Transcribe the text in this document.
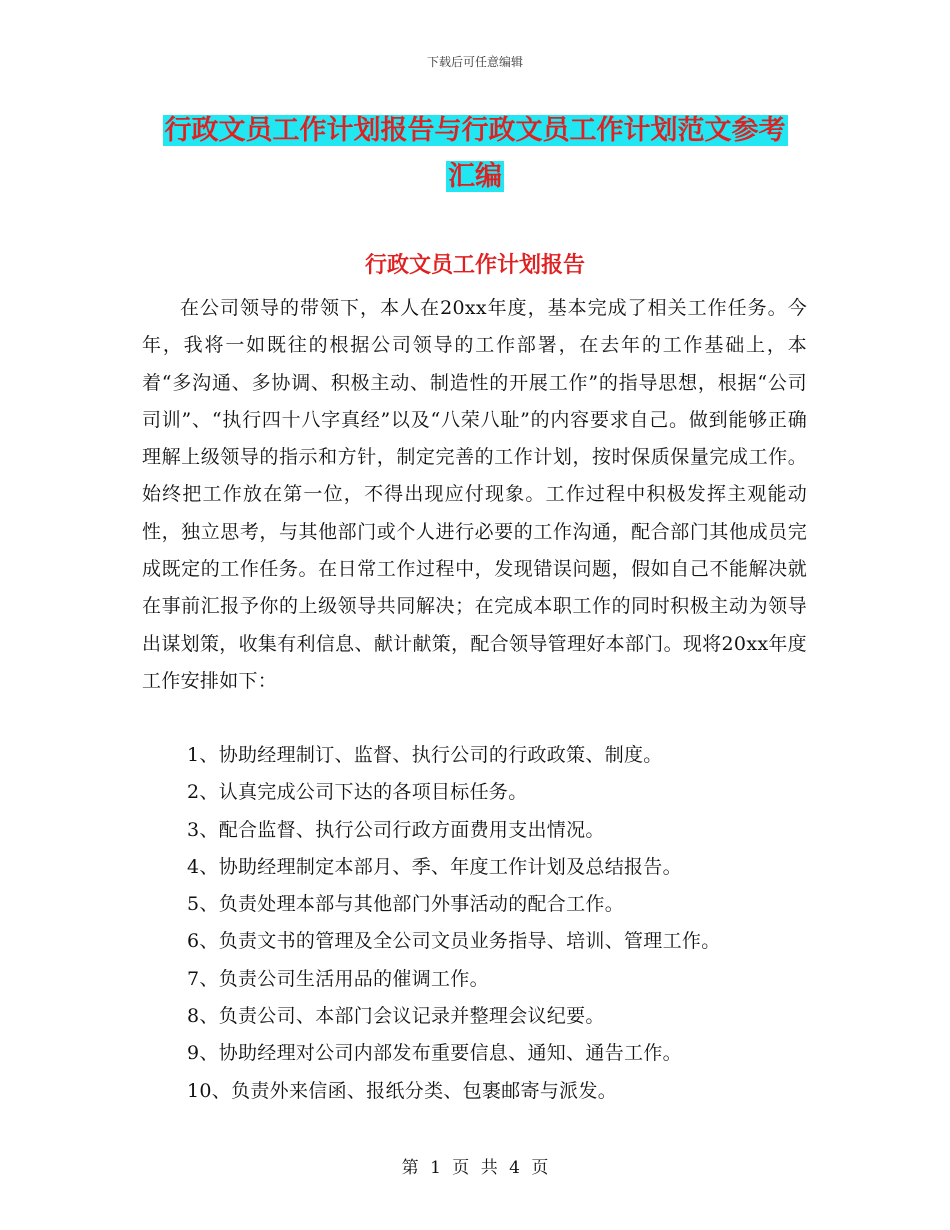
下载后可任意编辑
行政文员工作计划报告与行政文员工作计划范文参考
汇编
行政文员工作计划报告

在公司领导的带领下，本人在20xx年度，基本完成了相关工作任务。今年，我将一如既往的根据公司领导的工作部署，在去年的工作基础上，本着“多沟通、多协调、积极主动、制造性的开展工作”的指导思想，根据“公司司训”、“执行四十八字真经”以及“八荣八耻”的内容要求自己。做到能够正确理解上级领导的指示和方针，制定完善的工作计划，按时保质保量完成工作。始终把工作放在第一位，不得出现应付现象。工作过程中积极发挥主观能动性，独立思考，与其他部门或个人进行必要的工作沟通，配合部门其他成员完成既定的工作任务。在日常工作过程中，发现错误问题，假如自己不能解决就在事前汇报予你的上级领导共同解决；在完成本职工作的同时积极主动为领导出谋划策，收集有利信息、献计献策，配合领导管理好本部门。现将20xx年度工作安排如下：

1、协助经理制订、监督、执行公司的行政政策、制度。
2、认真完成公司下达的各项目标任务。
3、配合监督、执行公司行政方面费用支出情况。
4、协助经理制定本部月、季、年度工作计划及总结报告。
5、负责处理本部与其他部门外事活动的配合工作。
6、负责文书的管理及全公司文员业务指导、培训、管理工作。
7、负责公司生活用品的催调工作。
8、负责公司、本部门会议记录并整理会议纪要。
9、协助经理对公司内部发布重要信息、通知、通告工作。
10、负责外来信函、报纸分类、包裹邮寄与派发。
第 1 页 共 4 页
